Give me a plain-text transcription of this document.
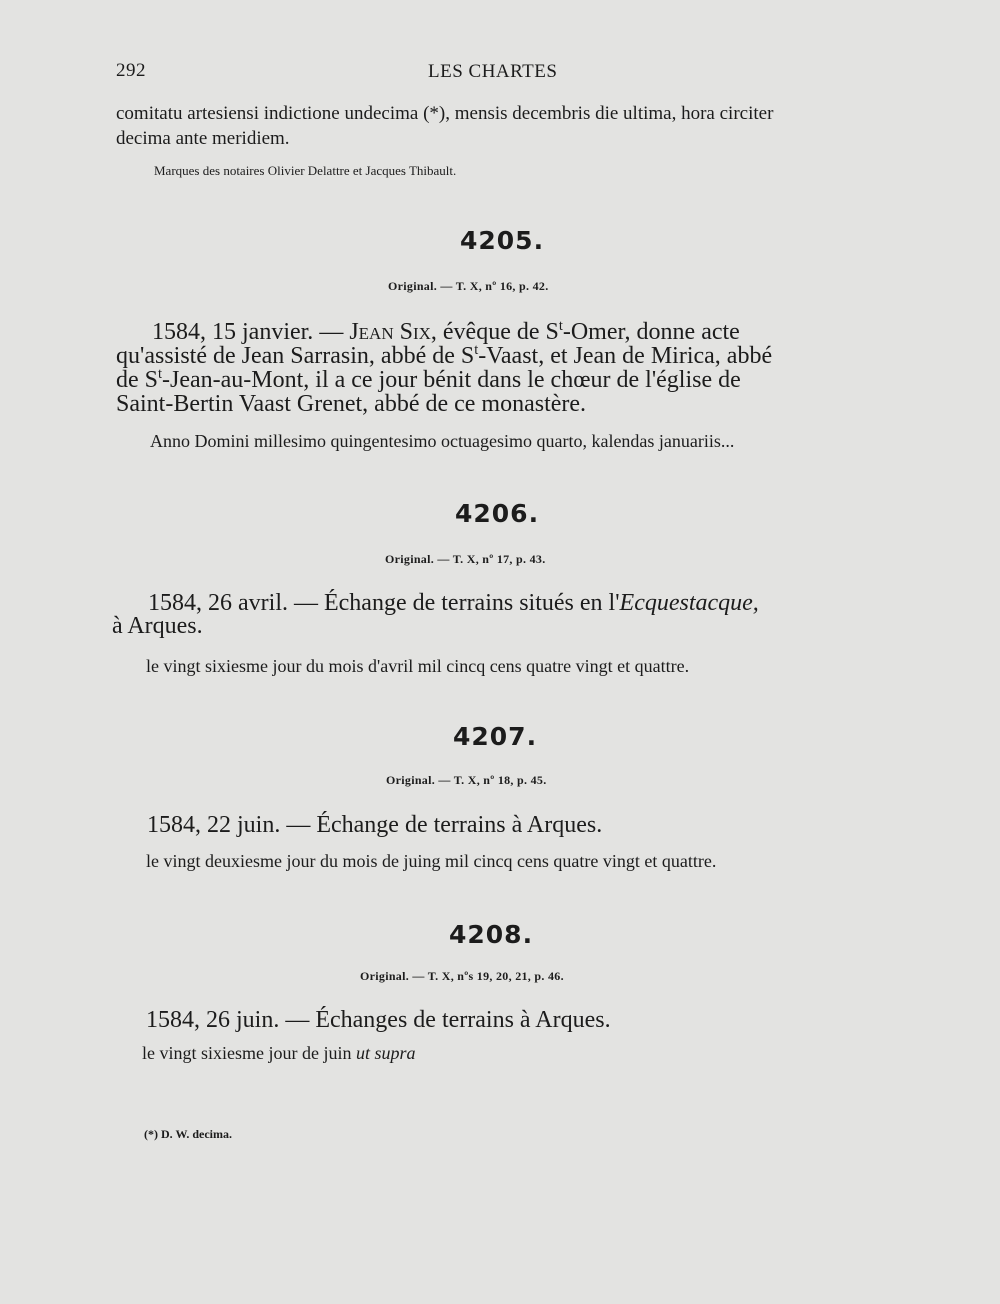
292	LES CHARTES
comitatu artesiensi indictione undecima (*), mensis decembris die ultima, hora circiter
decima ante meridiem.
Marques des notaires Olivier Delattre et Jacques Thibault.
4205.
Original. — T. X, nº 16, p. 42.
1584, 15 janvier. — Jean Six, évêque de $S^t$-Omer, donne acte
qu'assisté de Jean Sarrasin, abbé de $S^t$-Vaast, et Jean de Mirica, abbé
de $S^t-Jean-au$-Mont, il a ce jour bénit dans le chœur de l'église de
Saint-Bertin Vaast Grenet, abbé de ce monastère.
Anno Domini millesimo quingentesimo octuagesimo quarto, kalendas januariis...
4206.
Original. — T. X, nº 17, p. 43.
1584, 26 avril. — Échange de terrains situés en l'Ecquestacque,
à Arques.
le vingt sixiesme jour du mois d'avril mil cincq cens quatre vingt et quattre.
4207.
Original. — T. X, nº 18, p. 45.
1584, 22 juin. — Échange de terrains à Arques.
le vingt deuxiesme jour du mois de juing mil cincq cens quatre vingt et quattre.
4208.
Original. — T. X, nºs 19, 20, 21, p. 46.
1584, 26 juin. — Échanges de terrains à Arques.
le vingt sixiesme jour de juin ut supra
(*) D. W. decima.
